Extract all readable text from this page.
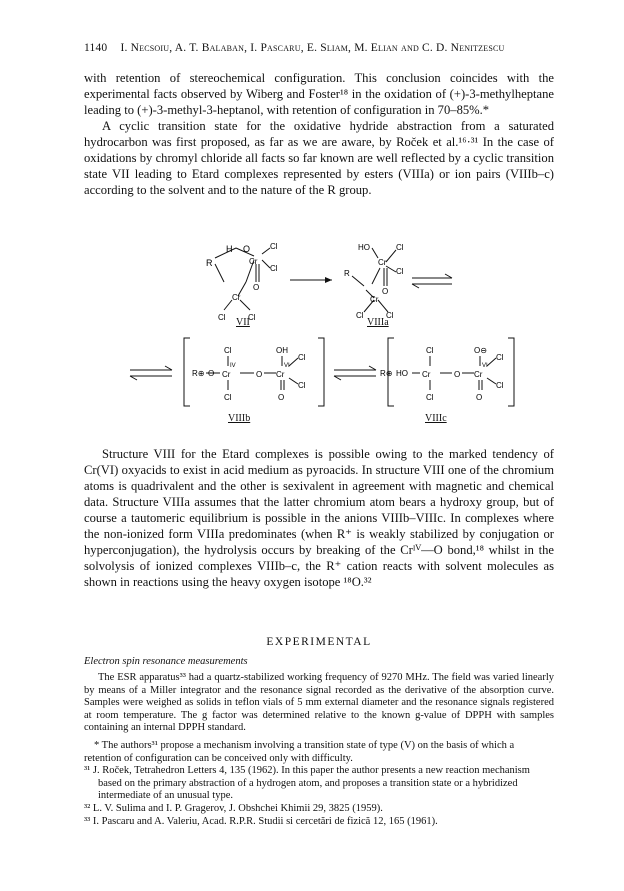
1140 I. Necsoiu, A. T. Balaban, I. Pascaru, E. Sliam, M. Elian and C. D. Nenitzescu

with retention of stereochemical configuration. This conclusion coincides with the experimental facts observed by Wiberg and Foster¹⁸ in the oxidation of (+)-3-methylheptane leading to (+)-3-methyl-3-heptanol, with retention of configuration in 70–85%.*

A cyclic transition state for the oxidative hydride abstraction from a saturated hydrocarbon was first proposed, as far as we are aware, by Roček et al.¹⁶·³¹ In the case of oxidations by chromyl chloride all facts so far known are well reflected by a cyclic transition state VII leading to Etard complexes represented by esters (VIIIa) or ion pairs (VIIIb–c) according to the solvent and to the nature of the R group.

H O
R	Cr
Cl
Cl
O
Cr
Cl	Cl
HO
Cr
Cl
Cl
R
O
Cr
Cl	Cl
R⊕ O
Cl
Cr
IV
Cl
O
OH
Cr
VI
Cl
Cl
O
R⊕ HO
Cl
Cr
Cl
O
O⊖
Cr
VI
Cl
Cl
O
VII	VIIIa
VIIIb	VIIIc

Structure VIII for the Etard complexes is possible owing to the marked tendency of Cr(VI) oxyacids to exist in acid medium as pyroacids. In structure VIII one of the chromium atoms is quadrivalent and the other is sexivalent in agreement with magnetic and chemical data. Structure VIIIa assumes that the latter chromium atom bears a hydroxy group, but of course a tautomeric equilibrium is possible in the anions VIIIb–VIIIc. In complexes where the non-ionized form VIIIa predominates (when R⁺ is weakly stabilized by conjugation or hyperconjugation), the hydrolysis occurs by breaking of the Crᴵⱽ—O bond,¹⁸ whilst in the solvolysis of ionized complexes VIIIb–c, the R⁺ cation reacts with solvent molecules as shown in reactions using the heavy oxygen isotope ¹⁸O.³²

EXPERIMENTAL
Electron spin resonance measurements
The ESR apparatus³³ had a quartz-stabilized working frequency of 9270 MHz. The field was varied linearly by means of a Miller integrator and the resonance signal recorded as the derivative of the absorption curve. Samples were weighed as solids in teflon vials of 5 mm external diameter and the resonance signals registered at room temperature. The g factor was determined relative to the known g-value of DPPH with samples containing an internal DPPH standard.

* The authors³¹ propose a mechanism involving a transition state of type (V) on the basis of which a retention of configuration can be conceived only with difficulty.

³¹ J. Roček, Tetrahedron Letters 4, 135 (1962). In this paper the author presents a new reaction mechanism based on the primary abstraction of a hydrogen atom, and proposes a transition state or a hybridized intermediate of an unusual type.

³² L. V. Sulima and I. P. Gragerov, J. Obshchei Khimii 29, 3825 (1959).

³³ I. Pascaru and A. Valeriu, Acad. R.P.R. Studii si cercetări de fizică 12, 165 (1961).
